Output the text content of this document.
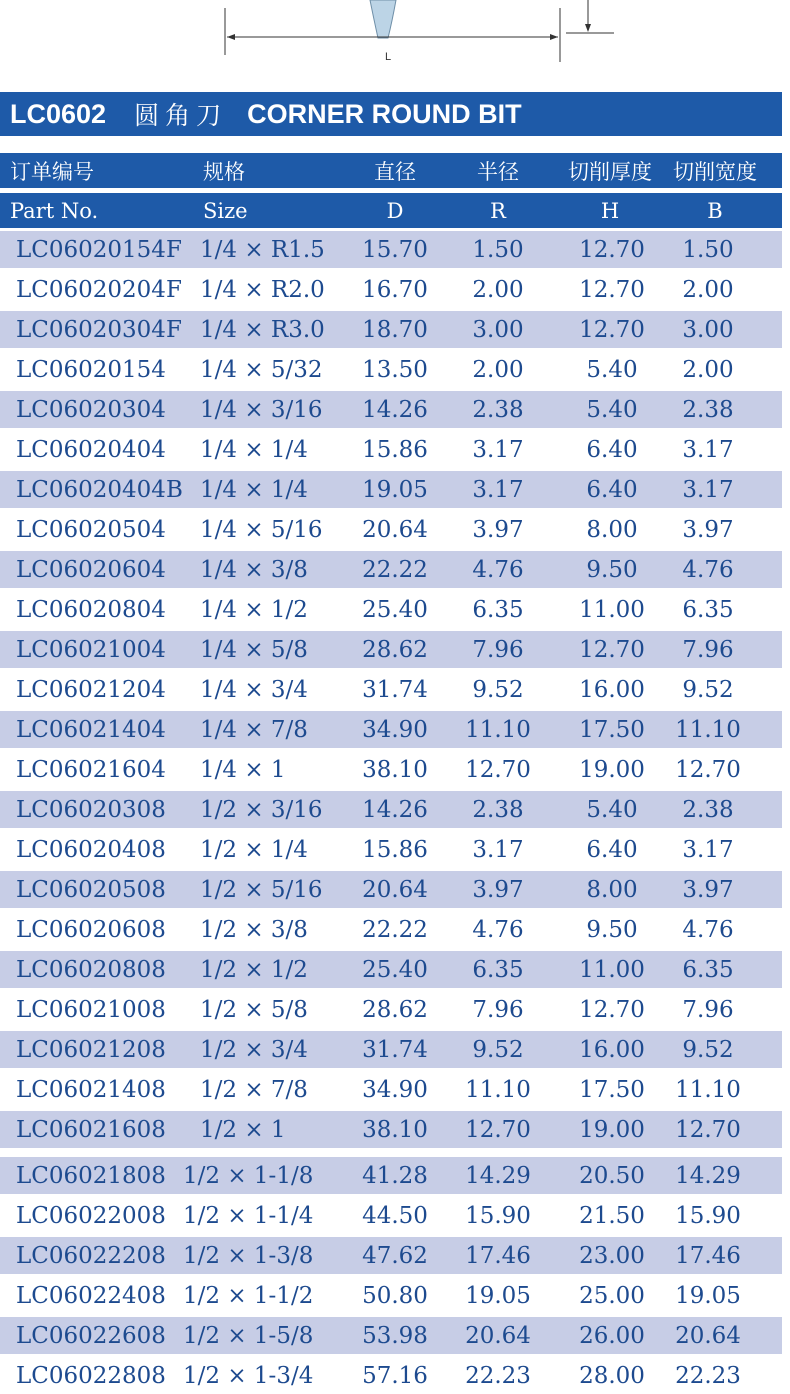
L
LC0602 圆角刀 CORNER ROUND BIT
订单编号	规格	直径	半径	切削厚度	切削宽度
Part No.	Size	D	R	H	B
LC06020154F 1/4 × R1.5	15.70	1.50	12.70	1.50
LC06020204F 1/4 × R2.0	16.70	2.00	12.70	2.00
LC06020304F 1/4 × R3.0	18.70	3.00	12.70	3.00
LC06020154	1/4 × 5/32	13.50	2.00	5.40	2.00
LC06020304	1/4 × 3/16	14.26	2.38	5.40	2.38
LC06020404	1/4 × 1/4	15.86	3.17	6.40	3.17
LC06020404B 1/4 × 1/4	19.05	3.17	6.40	3.17
LC06020504	1/4 × 5/16	20.64	3.97	8.00	3.97
LC06020604	1/4 × 3/8	22.22	4.76	9.50	4.76
LC06020804	1/4 × 1/2	25.40	6.35	11.00	6.35
LC06021004	1/4 × 5/8	28.62	7.96	12.70	7.96
LC06021204	1/4 × 3/4	31.74	9.52	16.00	9.52
LC06021404	1/4 × 7/8	34.90 11.10	17.50	11.10
LC06021604	1/4 × 1	38.10 12.70	19.00	12.70
LC06020308	1/2 × 3/16	14.26	2.38	5.40	2.38
LC06020408	1/2 × 1/4	15.86	3.17	6.40	3.17
LC06020508	1/2 × 5/16	20.64	3.97	8.00	3.97
LC06020608	1/2 × 3/8	22.22	4.76	9.50	4.76
LC06020808	1/2 × 1/2	25.40	6.35	11.00	6.35
LC06021008	1/2 × 5/8	28.62	7.96	12.70	7.96
LC06021208	1/2 × 3/4	31.74	9.52	16.00	9.52
LC06021408	1/2 × 7/8	34.90 11.10	17.50	11.10
LC06021608	1/2 × 1	38.10 12.70	19.00	12.70
LC06021808 1/2 × 1-1/8	41.28 14.29	20.50	14.29
LC06022008 1/2 × 1-1/4	44.50 15.90	21.50	15.90
LC06022208 1/2 × 1-3/8	47.62 17.46	23.00	17.46
LC06022408 1/2 × 1-1/2	50.80 19.05	25.00	19.05
LC06022608 1/2 × 1-5/8	53.98 20.64	26.00	20.64
LC06022808 1/2 × 1-3/4	57.16 22.23	28.00	22.23
